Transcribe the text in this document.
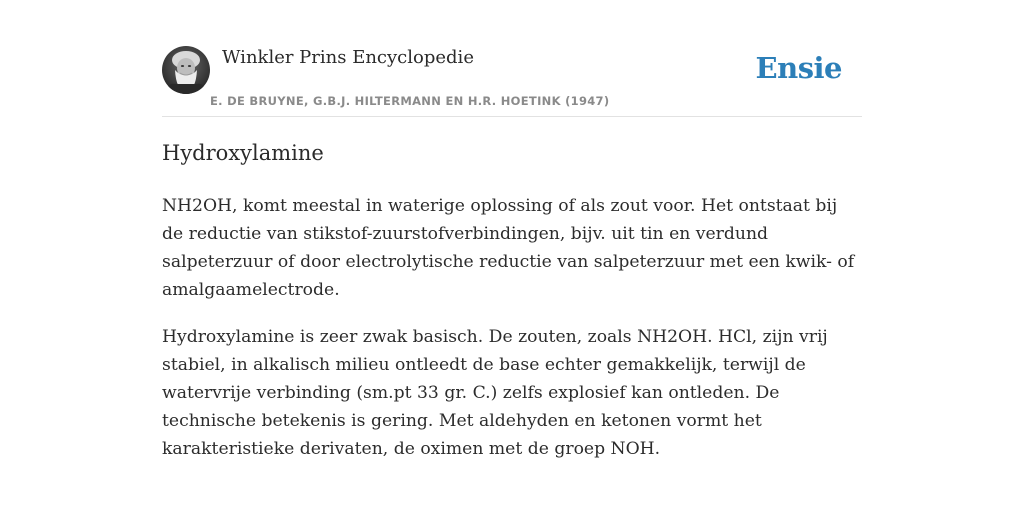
Winkler Prins Encyclopedie
E. DE BRUYNE, G.B.J. HILTERMANN EN H.R. HOETINK (1947)
Ensie
Hydroxylamine

NH2OH, komt meestal in waterige oplossing of als zout voor. Het ontstaat bij de reductie van stikstof-zuurstofverbindingen, bijv. uit tin en verdund salpeterzuur of door electrolytische reductie van salpeterzuur met een kwik- of amalgaamelectrode.

Hydroxylamine is zeer zwak basisch. De zouten, zoals NH2OH. HCl, zijn vrij stabiel, in alkalisch milieu ontleedt de base echter gemakkelijk, terwijl de watervrije verbinding (sm.pt 33 gr. C.) zelfs explosief kan ontleden. De technische betekenis is gering. Met aldehyden en ketonen vormt het karakteristieke derivaten, de oximen met de groep NOH.
